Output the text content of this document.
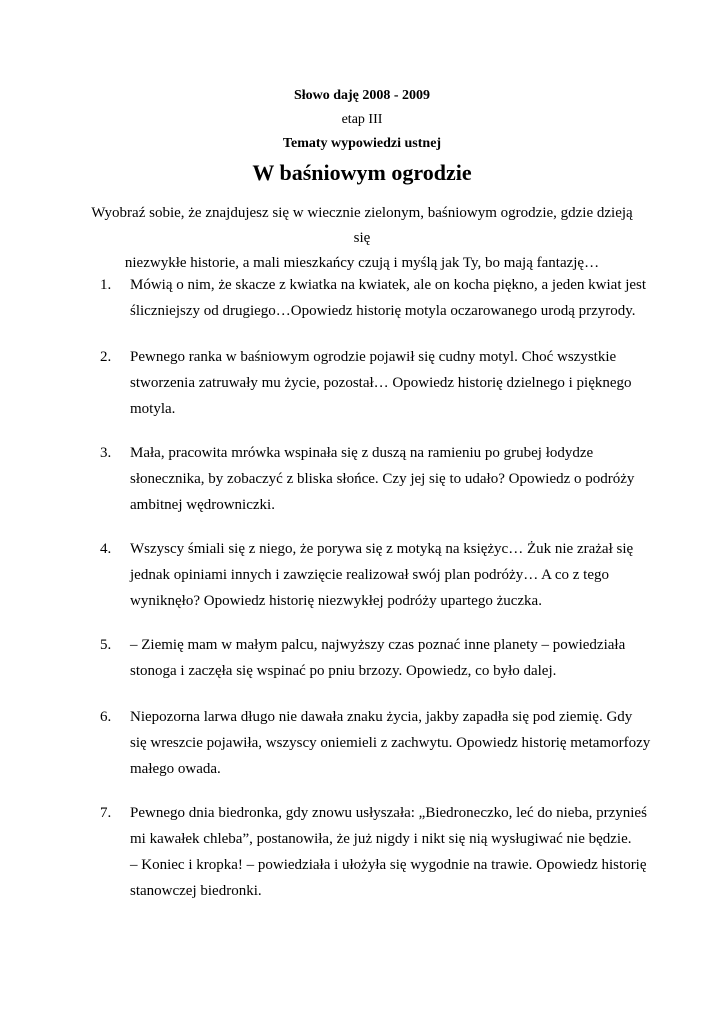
Słowo daję 2008 - 2009
etap III
Tematy wypowiedzi ustnej
W baśniowym ogrodzie
Wyobraź sobie, że znajdujesz się w wiecznie zielonym, baśniowym ogrodzie, gdzie dzieją się
niezwykłe historie, a mali mieszkańcy czują i myślą jak Ty, bo mają fantazję…
1.	Mówią o nim, że skacze z kwiatka na kwiatek, ale on kocha piękno, a jeden kwiat jest
śliczniejszy od drugiego…Opowiedz historię motyla oczarowanego urodą przyrody.
2.	Pewnego ranka w baśniowym ogrodzie pojawił się cudny motyl. Choć wszystkie
stworzenia zatruwały mu życie, pozostał… Opowiedz historię dzielnego i pięknego
motyla.
3.	Mała, pracowita mrówka wspinała się z duszą na ramieniu po grubej łodydze
słonecznika, by zobaczyć z bliska słońce. Czy jej się to udało? Opowiedz o podróży
ambitnej wędrowniczki.
4.	Wszyscy śmiali się z niego, że porywa się z motyką na księżyc… Żuk nie zrażał się
jednak opiniami innych i zawzięcie realizował swój plan podróży… A co z tego
wyniknęło? Opowiedz historię niezwykłej podróży upartego żuczka.
5.	– Ziemię mam w małym palcu, najwyższy czas poznać inne planety – powiedziała
stonoga i zaczęła się wspinać po pniu brzozy. Opowiedz, co było dalej.
6.	Niepozorna larwa długo nie dawała znaku życia, jakby zapadła się pod ziemię. Gdy
się wreszcie pojawiła, wszyscy oniemieli z zachwytu. Opowiedz historię metamorfozy
małego owada.
7.	Pewnego dnia biedronka, gdy znowu usłyszała: „Biedroneczko, leć do nieba, przynieś
mi kawałek chleba”, postanowiła, że już nigdy i nikt się nią wysługiwać nie będzie.
– Koniec i kropka! – powiedziała i ułożyła się wygodnie na trawie. Opowiedz historię
stanowczej biedronki.
